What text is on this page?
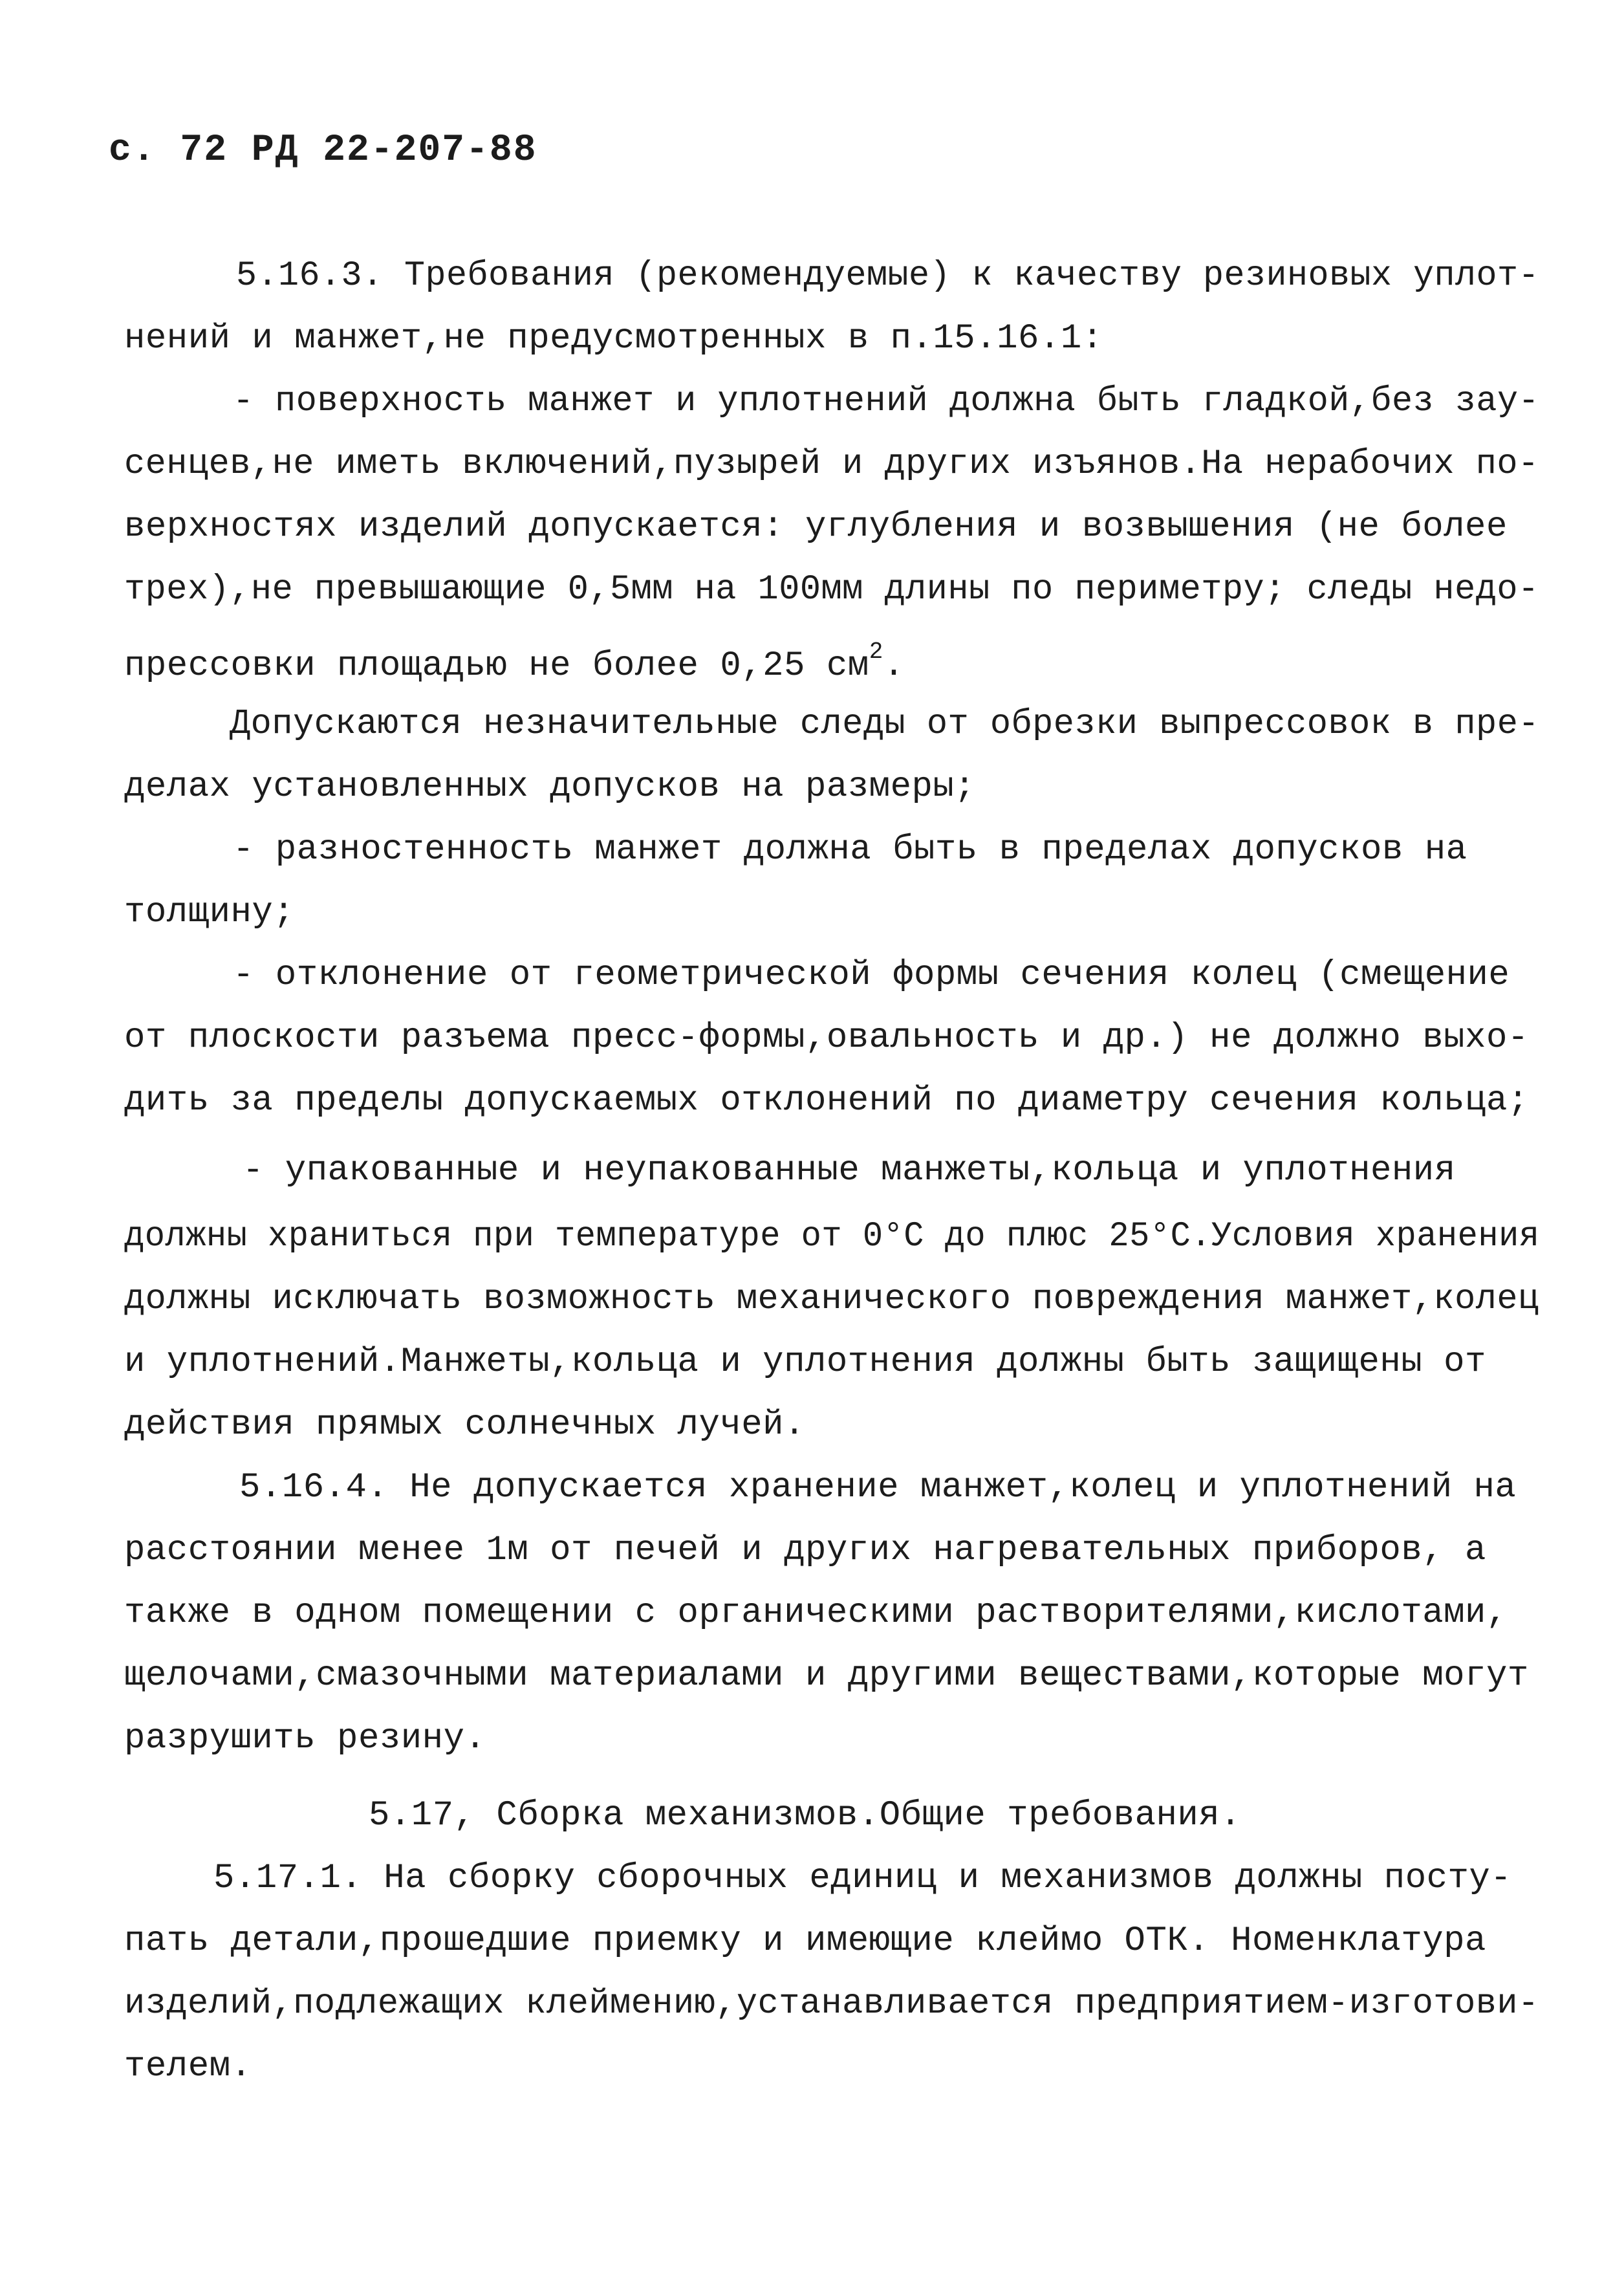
с. 72 РД 22-207-88
5.16.3. Требования (рекомендуемые) к качеству резиновых уплот-
нений и манжет,не предусмотренных в п.15.16.1:
- поверхность манжет и уплотнений должна быть гладкой,без зау-
сенцев,не иметь включений,пузырей и других изъянов.На нерабочих по-
верхностях изделий допускается: углубления и возвышения (не более
трех),не превышающие 0,5мм на 100мм длины по периметру; следы недо-
прессовки площадью не более 0,25 $см^2$.
Допускаются незначительные следы от обрезки выпрессовок в пре-
делах установленных допусков на размеры;
- разностенность манжет должна быть в пределах допусков на
толщину;
- отклонение от геометрической формы сечения колец (смещение
от плоскости разъема пресс-формы,овальность и др.) не должно выхо-
дить за пределы допускаемых отклонений по диаметру сечения кольца;
- упакованные и неупакованные манжеты,кольца и уплотнения
должны храниться при температуре от 0°С до плюс 25°С.Условия хранения
должны исключать возможность механического повреждения манжет,колец
и уплотнений.Манжеты,кольца и уплотнения должны быть защищены от
действия прямых солнечных лучей.
5.16.4. Не допускается хранение манжет,колец и уплотнений на
расстоянии менее 1м от печей и других нагревательных приборов, а
также в одном помещении с органическими растворителями,кислотами,
щелочами,смазочными материалами и другими веществами,которые могут
разрушить резину.
5.17, Сборка механизмов.Общие требования.
5.17.1. На сборку сборочных единиц и механизмов должны посту-
пать детали,прошедшие приемку и имеющие клеймо ОТК. Номенклатура
изделий,подлежащих клеймению,устанавливается предприятием-изготови-
телем.
